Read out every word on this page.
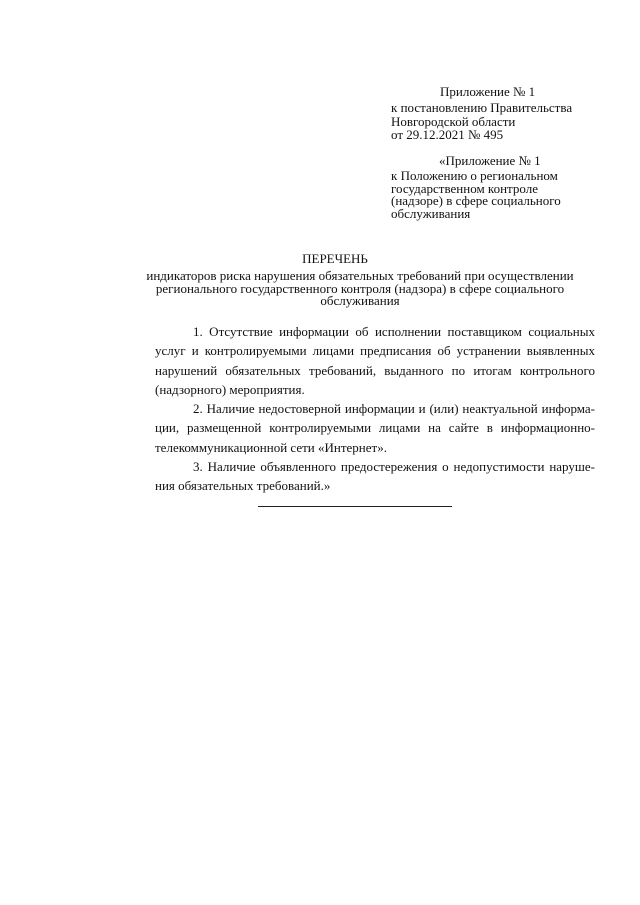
Приложение № 1
к постановлению Правительства
Новгородской области
от 29.12.2021 № 495
«Приложение № 1
к Положению о региональном
государственном контроле
(надзоре) в сфере социального
обслуживания
ПЕРЕЧЕНЬ
индикаторов риска нарушения обязательных требований при осуществлении
регионального государственного контроля (надзора) в сфере социального
обслуживания
1. Отсутствие информации об исполнении поставщиком социальных
услуг и контролируемыми лицами предписания об устранении выявленных
нарушений обязательных требований, выданного по итогам контрольного
(надзорного) мероприятия.
2. Наличие недостоверной информации и (или) неактуальной информа-
ции, размещенной контролируемыми лицами на сайте в информационно-
телекоммуникационной сети «Интернет».
3. Наличие объявленного предостережения о недопустимости наруше-
ния обязательных требований.»
